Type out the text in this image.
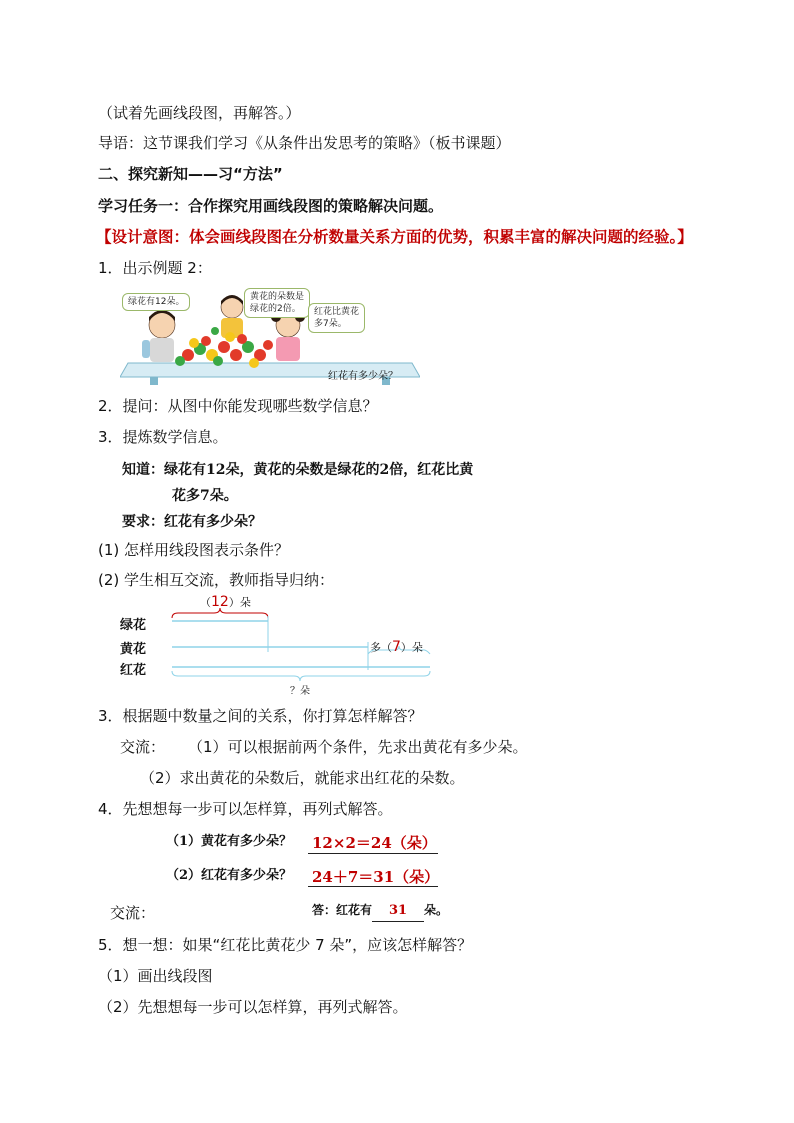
（试着先画线段图，再解答。）
导语：这节课我们学习《从条件出发思考的策略》（板书课题）
二、探究新知——习“方法”
学习任务一：合作探究用画线段图的策略解决问题。
【设计意图：体会画线段图在分析数量关系方面的优势，积累丰富的解决问题的经验。】
1．出示例题 2：
绿花有12朵。	黄花的朵数是
绿花的2倍。	红花比黄花
多7朵。
红花有多少朵？
2．提问：从图中你能发现哪些数学信息？
3．提炼数学信息。
知道：绿花有12朵，黄花的朵数是绿花的2倍，红花比黄
花多7朵。
要求：红花有多少朵？
(1) 怎样用线段图表示条件？
(2) 学生相互交流，教师指导归纳：
绿花
黄花
红花
（12）朵
多（7）朵
？朵
3．根据题中数量之间的关系，你打算怎样解答？
交流： （1）可以根据前两个条件，先求出黄花有多少朵。
（2）求出黄花的朵数后，就能求出红花的朵数。
4．先想想每一步可以怎样算，再列式解答。
（1）黄花有多少朵？ 12×2＝24（朵）
（2）红花有多少朵？ 24＋7＝31（朵）
交流：	答：红花有 31 朵。
5．想一想：如果“红花比黄花少 7 朵”，应该怎样解答？
（1）画出线段图
（2）先想想每一步可以怎样算，再列式解答。
